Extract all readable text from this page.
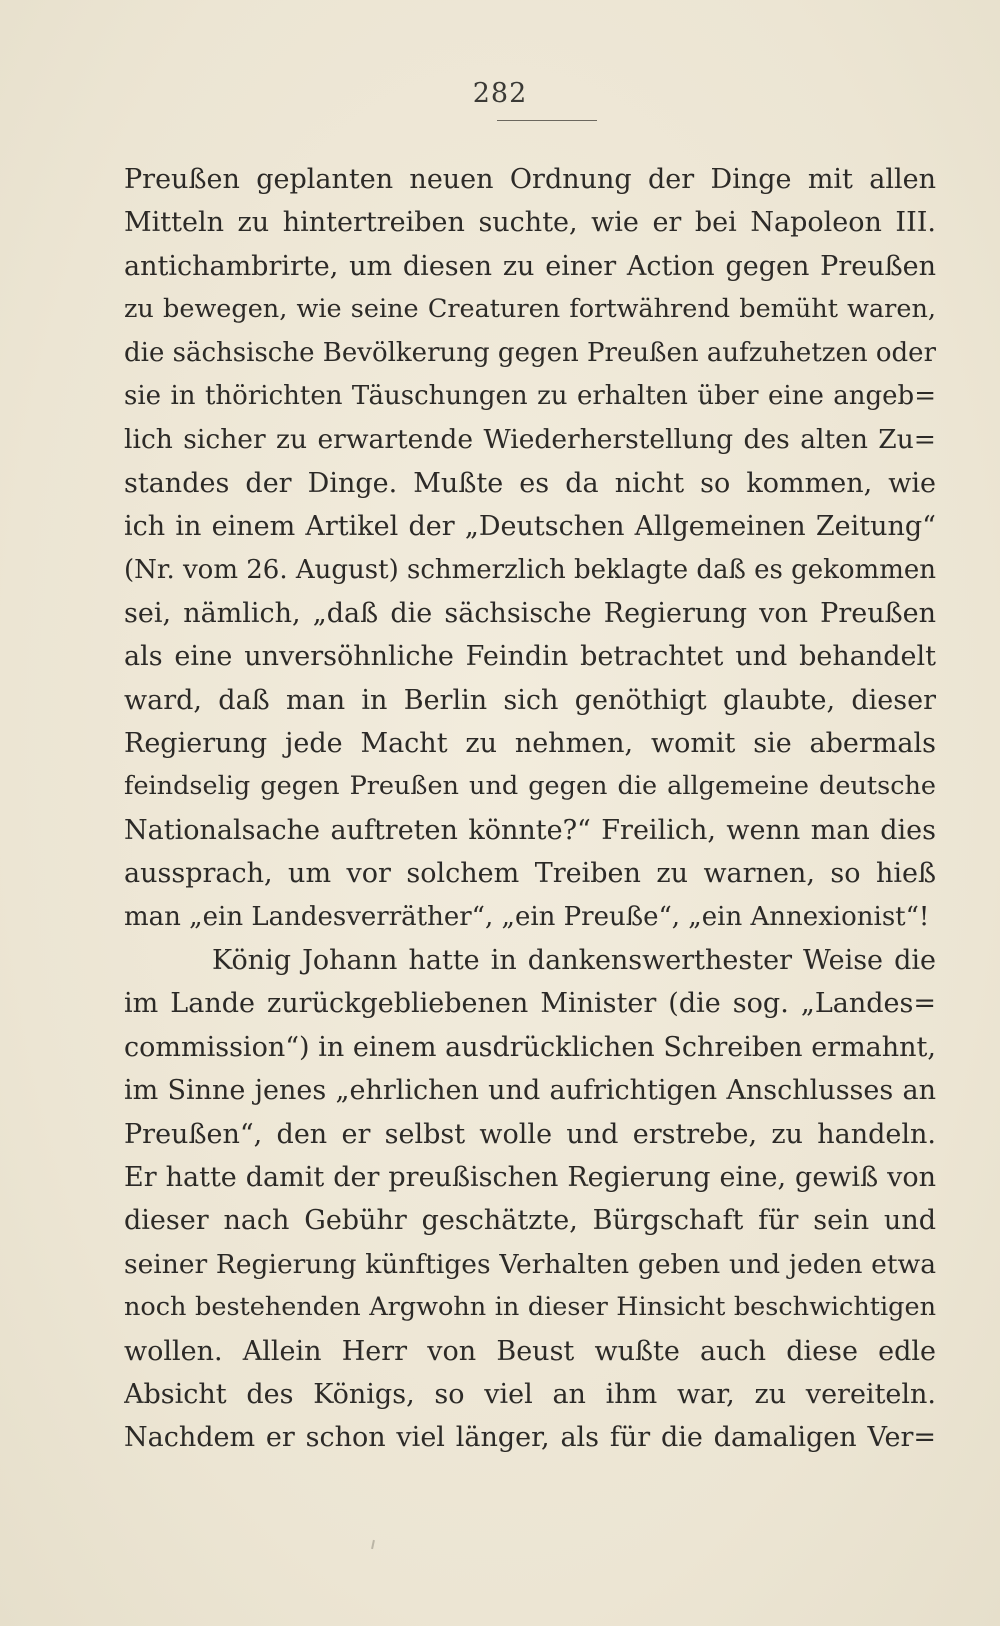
282
Preußen geplanten neuen Ordnung der Dinge mit allen
Mitteln zu hintertreiben suchte, wie er bei Napoleon III.
antichambrirte, um diesen zu einer Action gegen Preußen
zu bewegen, wie seine Creaturen fortwährend bemüht waren,
die sächsische Bevölkerung gegen Preußen aufzuhetzen oder
sie in thörichten Täuschungen zu erhalten über eine angeb=
lich sicher zu erwartende Wiederherstellung des alten Zu=
standes der Dinge. Mußte es da nicht so kommen, wie
ich in einem Artikel der „Deutschen Allgemeinen Zeitung“
(Nr. vom 26. August) schmerzlich beklagte daß es gekommen
sei, nämlich, „daß die sächsische Regierung von Preußen
als eine unversöhnliche Feindin betrachtet und behandelt
ward, daß man in Berlin sich genöthigt glaubte, dieser
Regierung jede Macht zu nehmen, womit sie abermals
feindselig gegen Preußen und gegen die allgemeine deutsche
Nationalsache auftreten könnte?“ Freilich, wenn man dies
aussprach, um vor solchem Treiben zu warnen, so hieß
man „ein Landesverräther“, „ein Preuße“, „ein Annexionist“!
König Johann hatte in dankenswerthester Weise die
im Lande zurückgebliebenen Minister (die sog. „Landes=
commission“) in einem ausdrücklichen Schreiben ermahnt,
im Sinne jenes „ehrlichen und aufrichtigen Anschlusses an
Preußen“, den er selbst wolle und erstrebe, zu handeln.
Er hatte damit der preußischen Regierung eine, gewiß von
dieser nach Gebühr geschätzte, Bürgschaft für sein und
seiner Regierung künftiges Verhalten geben und jeden etwa
noch bestehenden Argwohn in dieser Hinsicht beschwichtigen
wollen. Allein Herr von Beust wußte auch diese edle
Absicht des Königs, so viel an ihm war, zu vereiteln.
Nachdem er schon viel länger, als für die damaligen Ver=
